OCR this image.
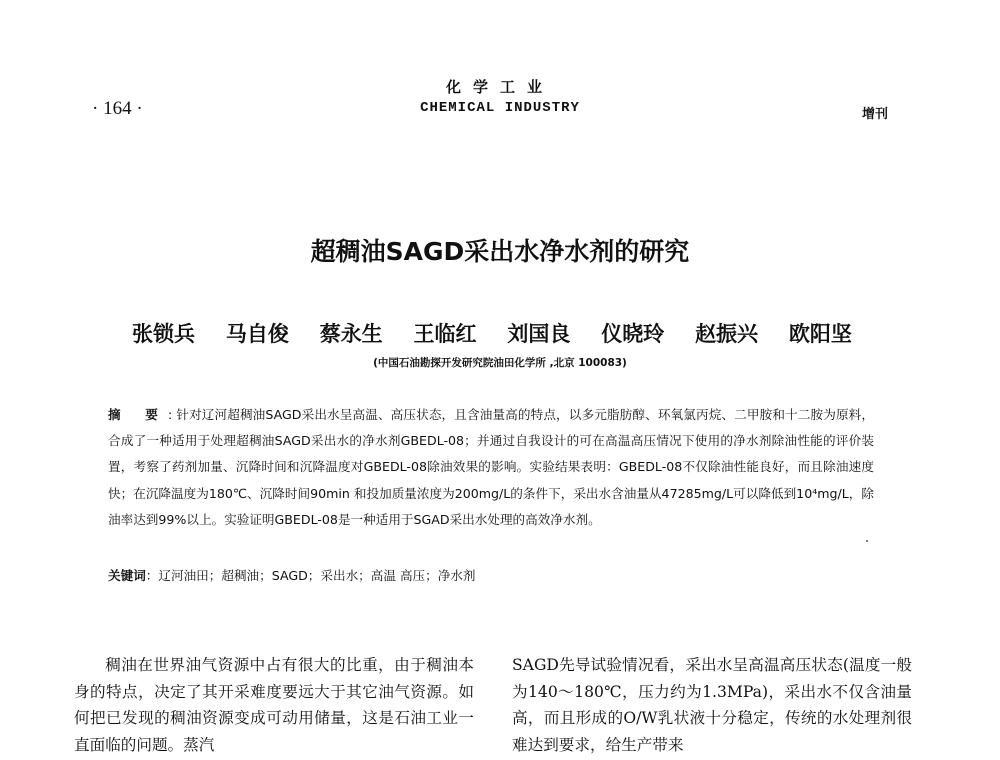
化学工业
CHEMICAL INDUSTRY
· 164 ·	增刊
超稠油SAGD采出水净水剂的研究
张锁兵 马自俊 蔡永生 王临红 刘国良 仪晓玲 赵振兴 欧阳坚
(中国石油勘探开发研究院油田化学所 ,北京 100083)
摘 要: 针对辽河超稠油SAGD采出水呈高温、高压状态，且含油量高的特点，以多元脂肪醇、环氧氯丙烷、二甲胺和十二胺为原料，合成了一种适用于处理超稠油SAGD采出水的净水剂GBEDL-08；并通过自我设计的可在高温高压情况下使用的净水剂除油性能的评价装置，考察了药剂加量、沉降时间和沉降温度对GBEDL-08除油效果的影响。实验结果表明：GBEDL-08不仅除油性能良好，而且除油速度快；在沉降温度为180℃、沉降时间90min 和投加质量浓度为200mg/L的条件下，采出水含油量从47285mg/L可以降低到10⁴mg/L，除油率达到99%以上。实验证明GBEDL-08是一种适用于SGAD采出水处理的高效净水剂。
关键词：辽河油田；超稠油；SAGD；采出水；高温 高压；净水剂
稠油在世界油气资源中占有很大的比重，由于稠油本身的特点，决定了其开采难度要远大于其它油气资源。如何把已发现的稠油资源变成可动用储量，这是石油工业一直面临的问题。蒸汽
SAGD先导试验情况看，采出水呈高温高压状态(温度一般为140～180℃，压力约为1.3MPa)，采出水不仅含油量高，而且形成的O/W乳状液十分稳定，传统的水处理剂很难达到要求，给生产带来
